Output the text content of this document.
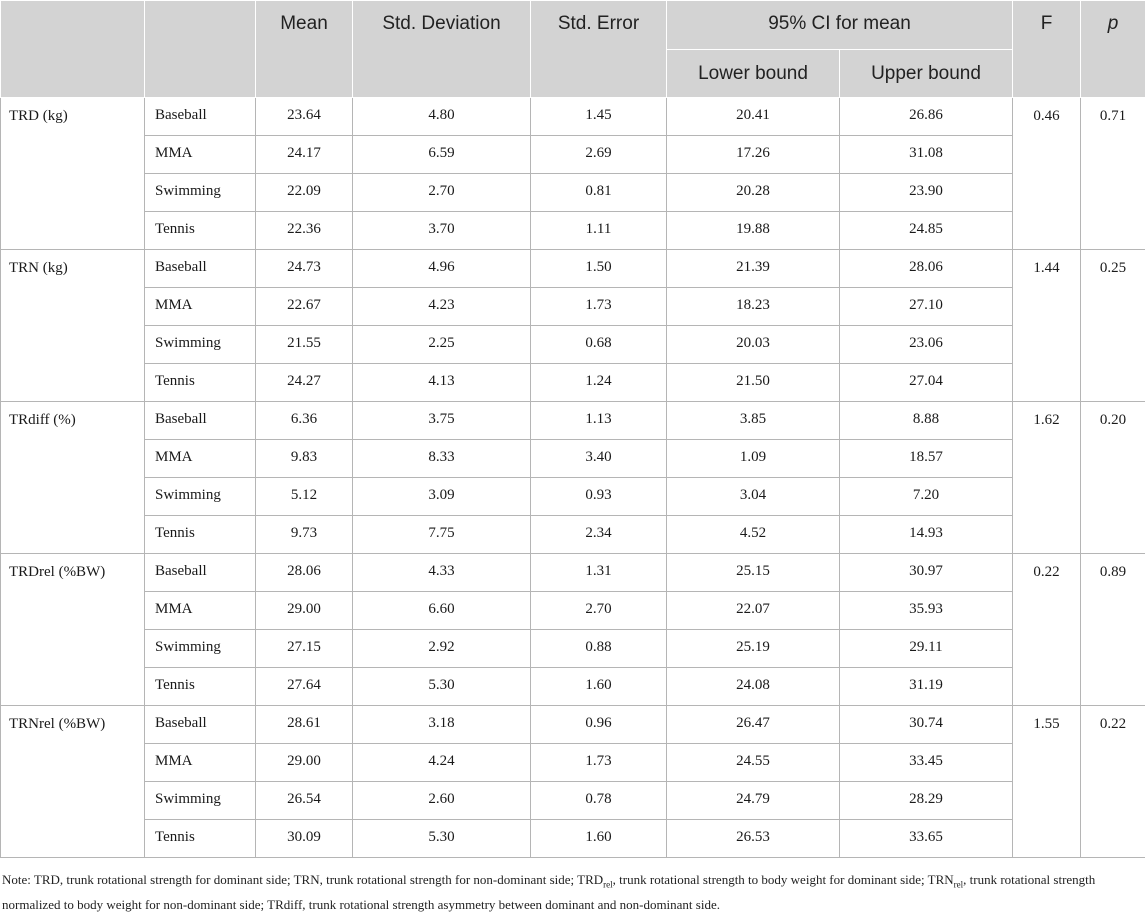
		Mean	Std. Deviation	Std. Error	95% CI for mean		F	p

					Lower bound	Upper bound		

TRD (kg)	Baseball	23.64	4.80	1.45	20.41	26.86	0.46	0.71

	MMA	24.17	6.59	2.69	17.26	31.08		

	Swimming	22.09	2.70	0.81	20.28	23.90		

	Tennis	22.36	3.70	1.11	19.88	24.85		

TRN (kg)	Baseball	24.73	4.96	1.50	21.39	28.06	1.44	0.25

	MMA	22.67	4.23	1.73	18.23	27.10		

	Swimming	21.55	2.25	0.68	20.03	23.06		

	Tennis	24.27	4.13	1.24	21.50	27.04		

TRdiff (%)	Baseball	6.36	3.75	1.13	3.85	8.88	1.62	0.20

	MMA	9.83	8.33	3.40	1.09	18.57		

	Swimming	5.12	3.09	0.93	3.04	7.20		

	Tennis	9.73	7.75	2.34	4.52	14.93		

TRDrel (%BW)	Baseball	28.06	4.33	1.31	25.15	30.97	0.22	0.89

	MMA	29.00	6.60	2.70	22.07	35.93		

	Swimming	27.15	2.92	0.88	25.19	29.11		

	Tennis	27.64	5.30	1.60	24.08	31.19		

TRNrel (%BW)	Baseball	28.61	3.18	0.96	26.47	30.74	1.55	0.22

	MMA	29.00	4.24	1.73	24.55	33.45		

	Swimming	26.54	2.60	0.78	24.79	28.29		

	Tennis	30.09	5.30	1.60	26.53	33.65		

Note: TRD, trunk rotational strength for dominant side; TRN, trunk rotational strength for non-dominant side; $TRD_{rel}$, trunk rotational strength to body weight for dominant side; $TRN_{rel}$, trunk rotational strength normalized to body weight for non-dominant side; TRdiff, trunk rotational strength asymmetry between dominant and non-dominant side.
